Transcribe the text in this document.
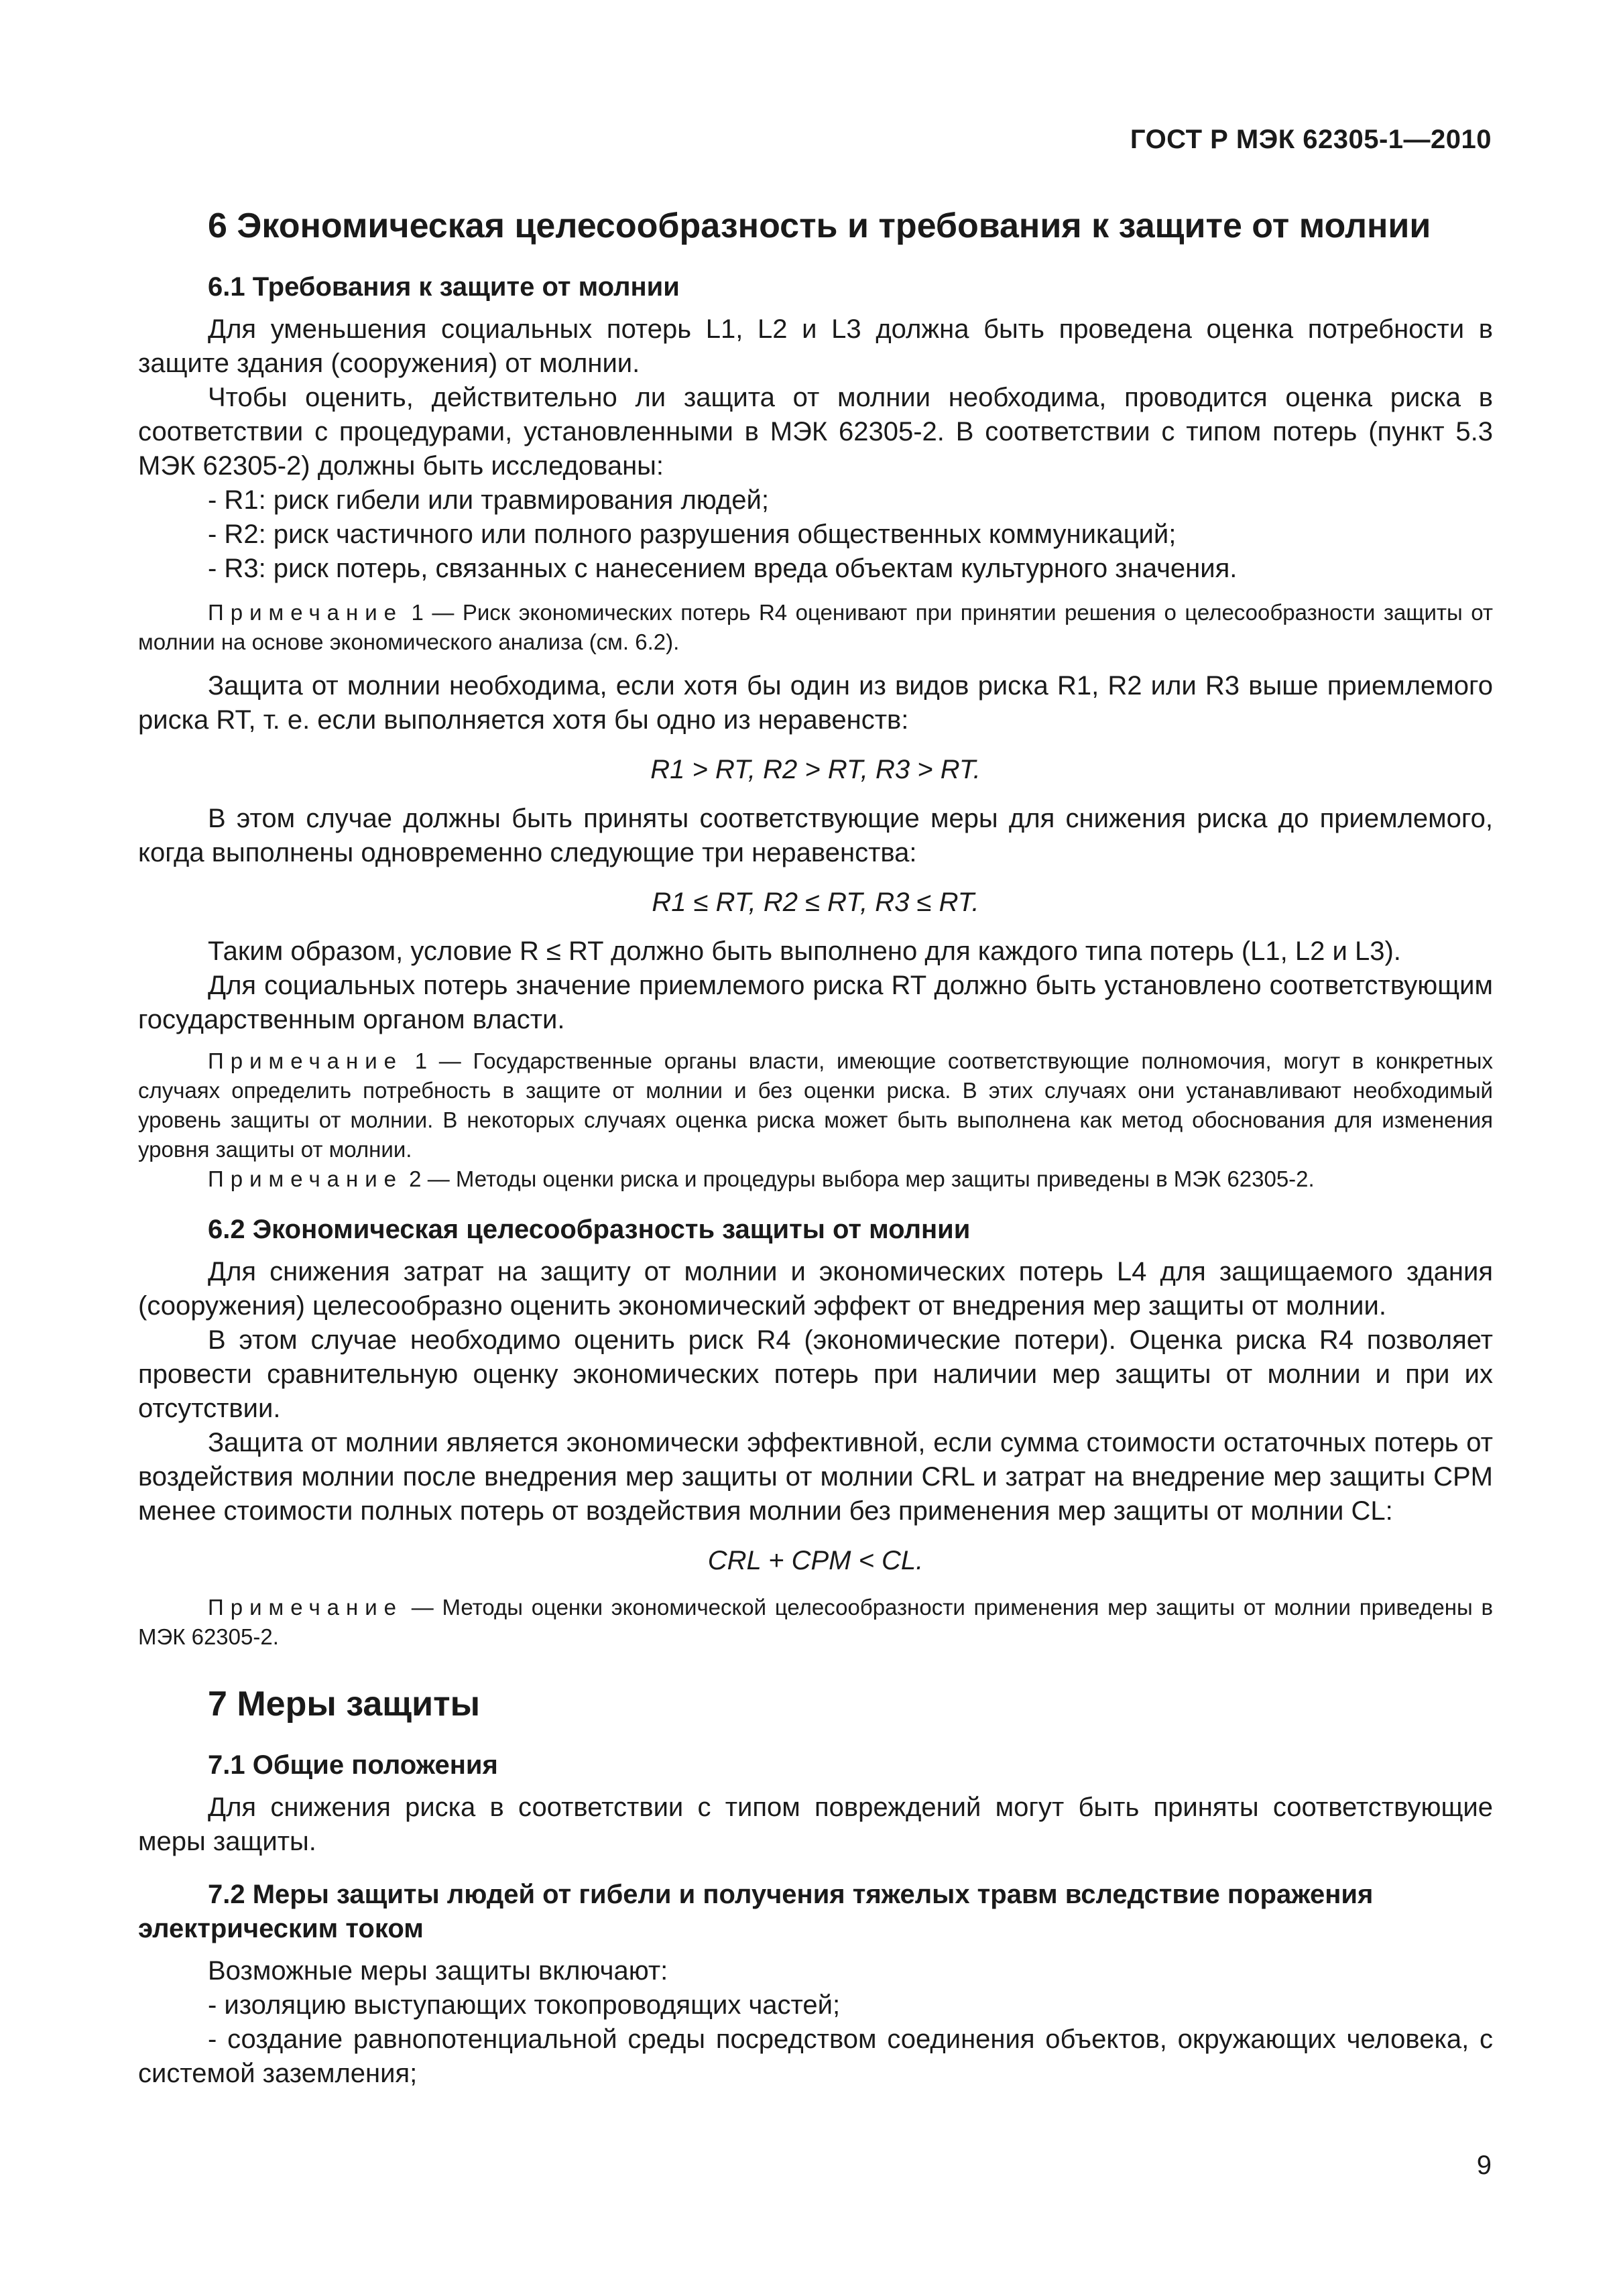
ГОСТ Р МЭК 62305-1—2010
6 Экономическая целесообразность и требования к защите от молнии
6.1 Требования к защите от молнии

Для уменьшения социальных потерь L1, L2 и L3 должна быть проведена оценка потребности в защите здания (сооружения) от молнии.

Чтобы оценить, действительно ли защита от молнии необходима, проводится оценка риска в соответствии с процедурами, установленными в МЭК 62305-2. В соответствии с типом потерь (пункт 5.3 МЭК 62305-2) должны быть исследованы:

- R1: риск гибели или травмирования людей;

- R2: риск частичного или полного разрушения общественных коммуникаций;

- R3: риск потерь, связанных с нанесением вреда объектам культурного значения.

Примечание 1 — Риск экономических потерь R4 оценивают при принятии решения о целесообразности защиты от молнии на основе экономического анализа (см. 6.2).

Защита от молнии необходима, если хотя бы один из видов риска R1, R2 или R3 выше приемлемого риска RT, т. е. если выполняется хотя бы одно из неравенств:

R1 > RT, R2 > RT, R3 > RT.

В этом случае должны быть приняты соответствующие меры для снижения риска до приемлемого, когда выполнены одновременно следующие три неравенства:

R1 ≤ RT, R2 ≤ RT, R3 ≤ RT.

Таким образом, условие R ≤ RT должно быть выполнено для каждого типа потерь (L1, L2 и L3).

Для социальных потерь значение приемлемого риска RT должно быть установлено соответствующим государственным органом власти.

Примечание 1 — Государственные органы власти, имеющие соответствующие полномочия, могут в конкретных случаях определить потребность в защите от молнии и без оценки риска. В этих случаях они устанавливают необходимый уровень защиты от молнии. В некоторых случаях оценка риска может быть выполнена как метод обоснования для изменения уровня защиты от молнии.

Примечание 2 — Методы оценки риска и процедуры выбора мер защиты приведены в МЭК 62305-2.

6.2 Экономическая целесообразность защиты от молнии

Для снижения затрат на защиту от молнии и экономических потерь L4 для защищаемого здания (сооружения) целесообразно оценить экономический эффект от внедрения мер защиты от молнии.

В этом случае необходимо оценить риск R4 (экономические потери). Оценка риска R4 позволяет провести сравнительную оценку экономических потерь при наличии мер защиты от молнии и при их отсутствии.

Защита от молнии является экономически эффективной, если сумма стоимости остаточных потерь от воздействия молнии после внедрения мер защиты от молнии CRL и затрат на внедрение мер защиты CPM менее стоимости полных потерь от воздействия молнии без применения мер защиты от молнии CL:

CRL + CPM < CL.

Примечание — Методы оценки экономической целесообразности применения мер защиты от молнии приведены в МЭК 62305-2.

7 Меры защиты
7.1 Общие положения

Для снижения риска в соответствии с типом повреждений могут быть приняты соответствующие меры защиты.

7.2 Меры защиты людей от гибели и получения тяжелых травм вследствие поражения электрическим током

Возможные меры защиты включают:

- изоляцию выступающих токопроводящих частей;

- создание равнопотенциальной среды посредством соединения объектов, окружающих человека, с системой заземления;

9
